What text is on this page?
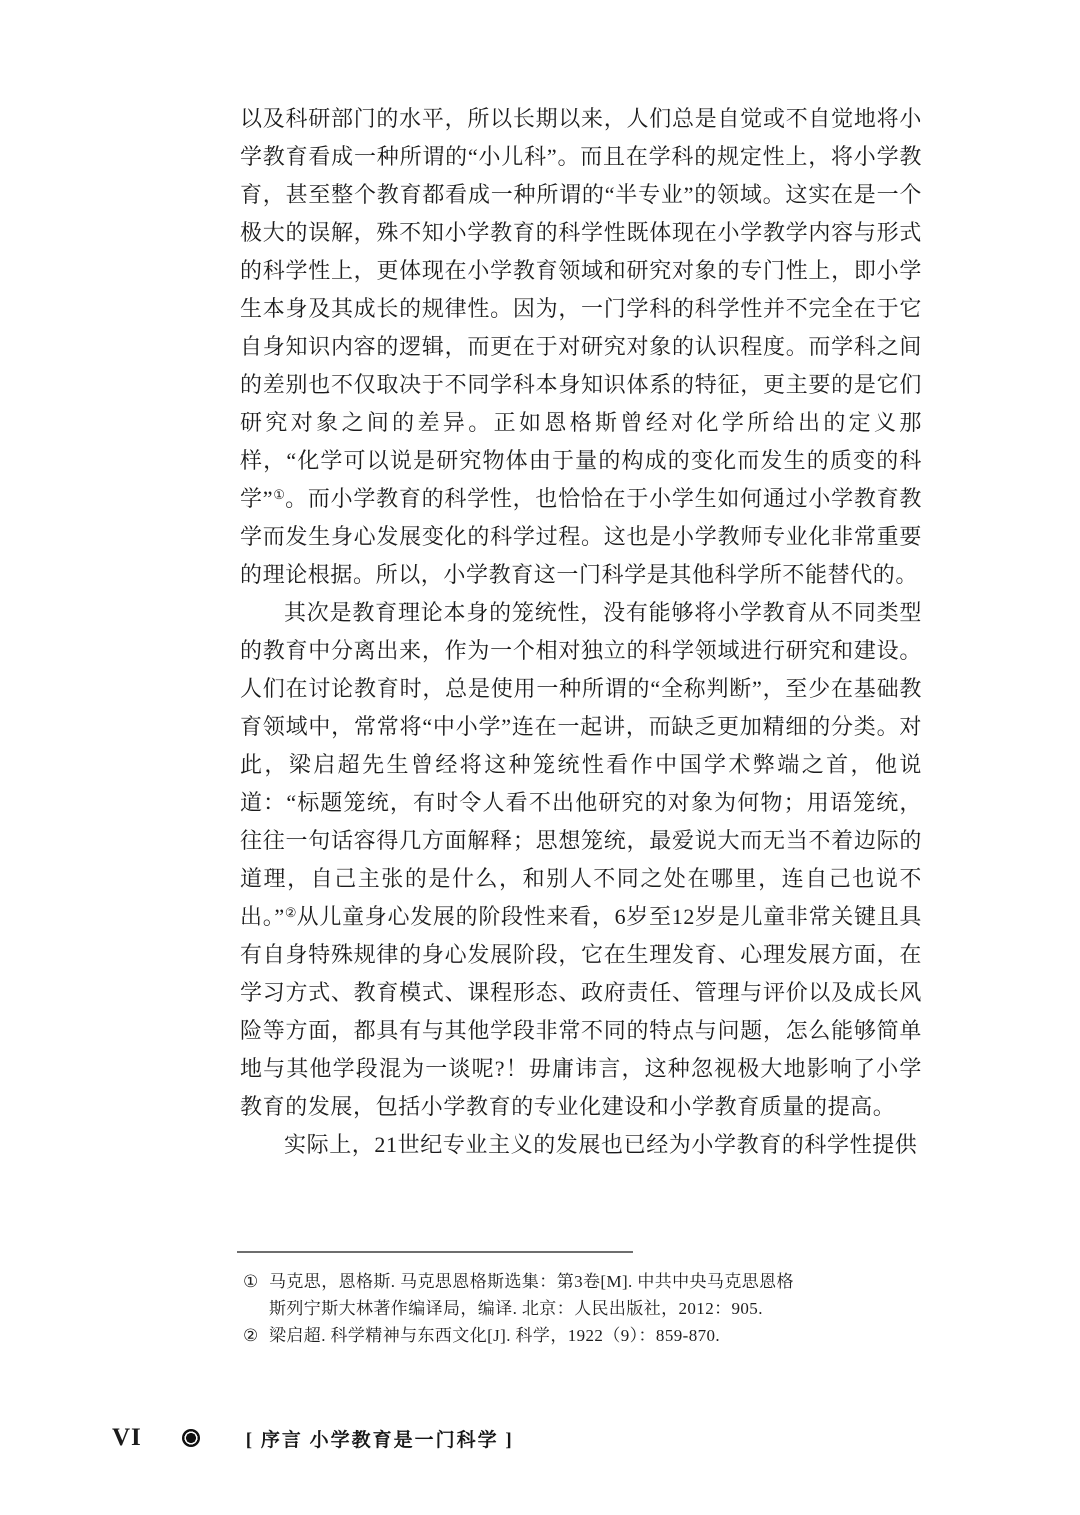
以及科研部门的水平，所以长期以来，人们总是自觉或不自觉地将小学教育看成一种所谓的“小儿科”。而且在学科的规定性上，将小学教育，甚至整个教育都看成一种所谓的“半专业”的领域。这实在是一个极大的误解，殊不知小学教育的科学性既体现在小学教学内容与形式的科学性上，更体现在小学教育领域和研究对象的专门性上，即小学生本身及其成长的规律性。因为，一门学科的科学性并不完全在于它自身知识内容的逻辑，而更在于对研究对象的认识程度。而学科之间的差别也不仅取决于不同学科本身知识体系的特征，更主要的是它们研究对象之间的差异。正如恩格斯曾经对化学所给出的定义那样，“化学可以说是研究物体由于量的构成的变化而发生的质变的科学”①。而小学教育的科学性，也恰恰在于小学生如何通过小学教育教学而发生身心发展变化的科学过程。这也是小学教师专业化非常重要的理论根据。所以，小学教育这一门科学是其他科学所不能替代的。

其次是教育理论本身的笼统性，没有能够将小学教育从不同类型的教育中分离出来，作为一个相对独立的科学领域进行研究和建设。人们在讨论教育时，总是使用一种所谓的“全称判断”，至少在基础教育领域中，常常将“中小学”连在一起讲，而缺乏更加精细的分类。对此，梁启超先生曾经将这种笼统性看作中国学术弊端之首，他说道：“标题笼统，有时令人看不出他研究的对象为何物；用语笼统，往往一句话容得几方面解释；思想笼统，最爱说大而无当不着边际的道理，自己主张的是什么，和别人不同之处在哪里，连自己也说不出。”②从儿童身心发展的阶段性来看，6岁至12岁是儿童非常关键且具有自身特殊规律的身心发展阶段，它在生理发育、心理发展方面，在学习方式、教育模式、课程形态、政府责任、管理与评价以及成长风险等方面，都具有与其他学段非常不同的特点与问题，怎么能够简单地与其他学段混为一谈呢?！毋庸讳言，这种忽视极大地影响了小学教育的发展，包括小学教育的专业化建设和小学教育质量的提高。

实际上，21世纪专业主义的发展也已经为小学教育的科学性提供

① 马克思，恩格斯. 马克思恩格斯选集：第3卷[M]. 中共中央马克思恩格
斯列宁斯大林著作编译局，编译. 北京：人民出版社，2012：905.
② 梁启超. 科学精神与东西文化[J]. 科学，1922（9）：859-870.
VI	[ 序言 小学教育是一门科学 ]
